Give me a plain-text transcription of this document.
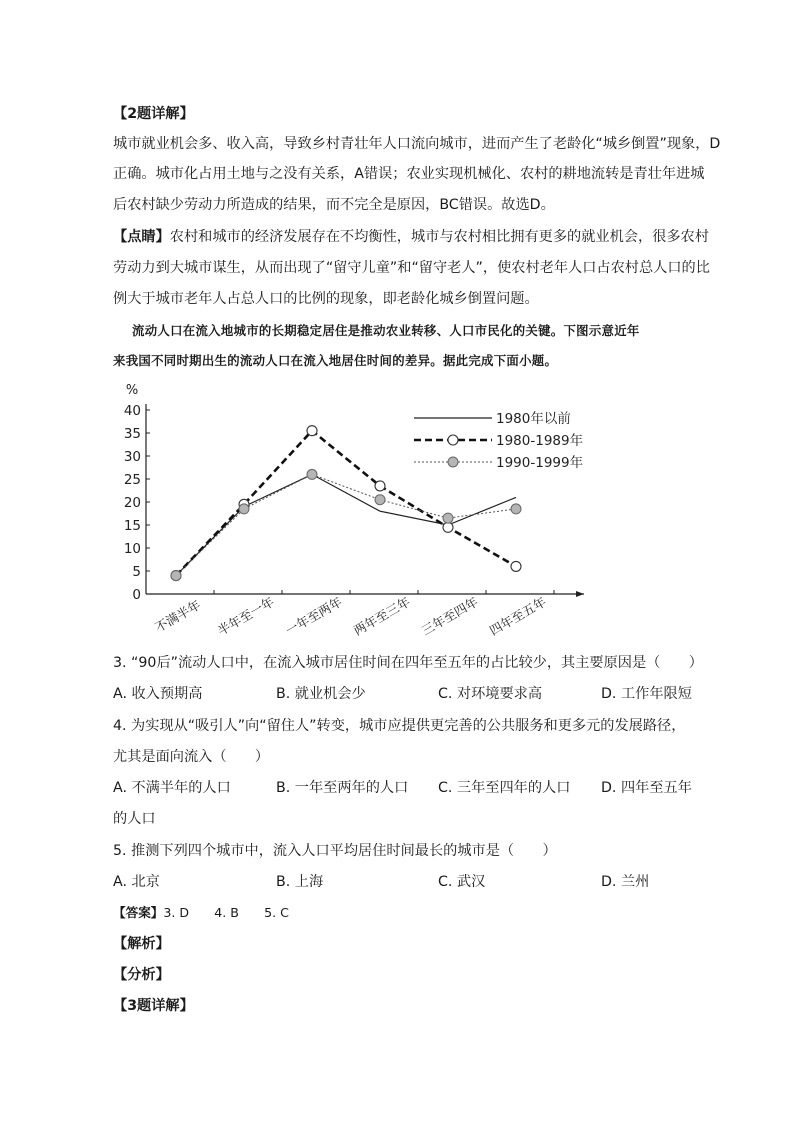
【2题详解】
城市就业机会多、收入高，导致乡村青壮年人口流向城市，进而产生了老龄化“城乡倒置”现象，D
正确。城市化占用土地与之没有关系，A错误；农业实现机械化、农村的耕地流转是青壮年进城
后农村缺少劳动力所造成的结果，而不完全是原因，BC错误。故选D。
【点睛】农村和城市的经济发展存在不均衡性，城市与农村相比拥有更多的就业机会，很多农村
劳动力到大城市谋生，从而出现了“留守儿童”和“留守老人”，使农村老年人口占农村总人口的比
例大于城市老年人占总人口的比例的现象，即老龄化城乡倒置问题。
流动人口在流入地城市的长期稳定居住是推动农业转移、人口市民化的关键。下图示意近年
来我国不同时期出生的流动人口在流入地居住时间的差异。据此完成下面小题。
%
0
5
10
15
20
25
30
35
40
不满半年 半年至一年 一年至两年 两年至三年 三年至四年 四年至五年
1980年以前
1980-1989年
1990-1999年
3. “90后”流动人口中，在流入城市居住时间在四年至五年的占比较少，其主要原因是（　　）
A. 收入预期高	B. 就业机会少	C. 对环境要求高	D. 工作年限短
4. 为实现从“吸引人”向“留住人”转变，城市应提供更完善的公共服务和更多元的发展路径，
尤其是面向流入（　　）
A. 不满半年的人口	B. 一年至两年的人口 C. 三年至四年的人口 D. 四年至五年
的人口
5. 推测下列四个城市中，流入人口平均居住时间最长的城市是（　　）
A. 北京	B. 上海	C. 武汉	D. 兰州
【答案】3. D　　4. B　　5. C
【解析】
【分析】
【3题详解】
